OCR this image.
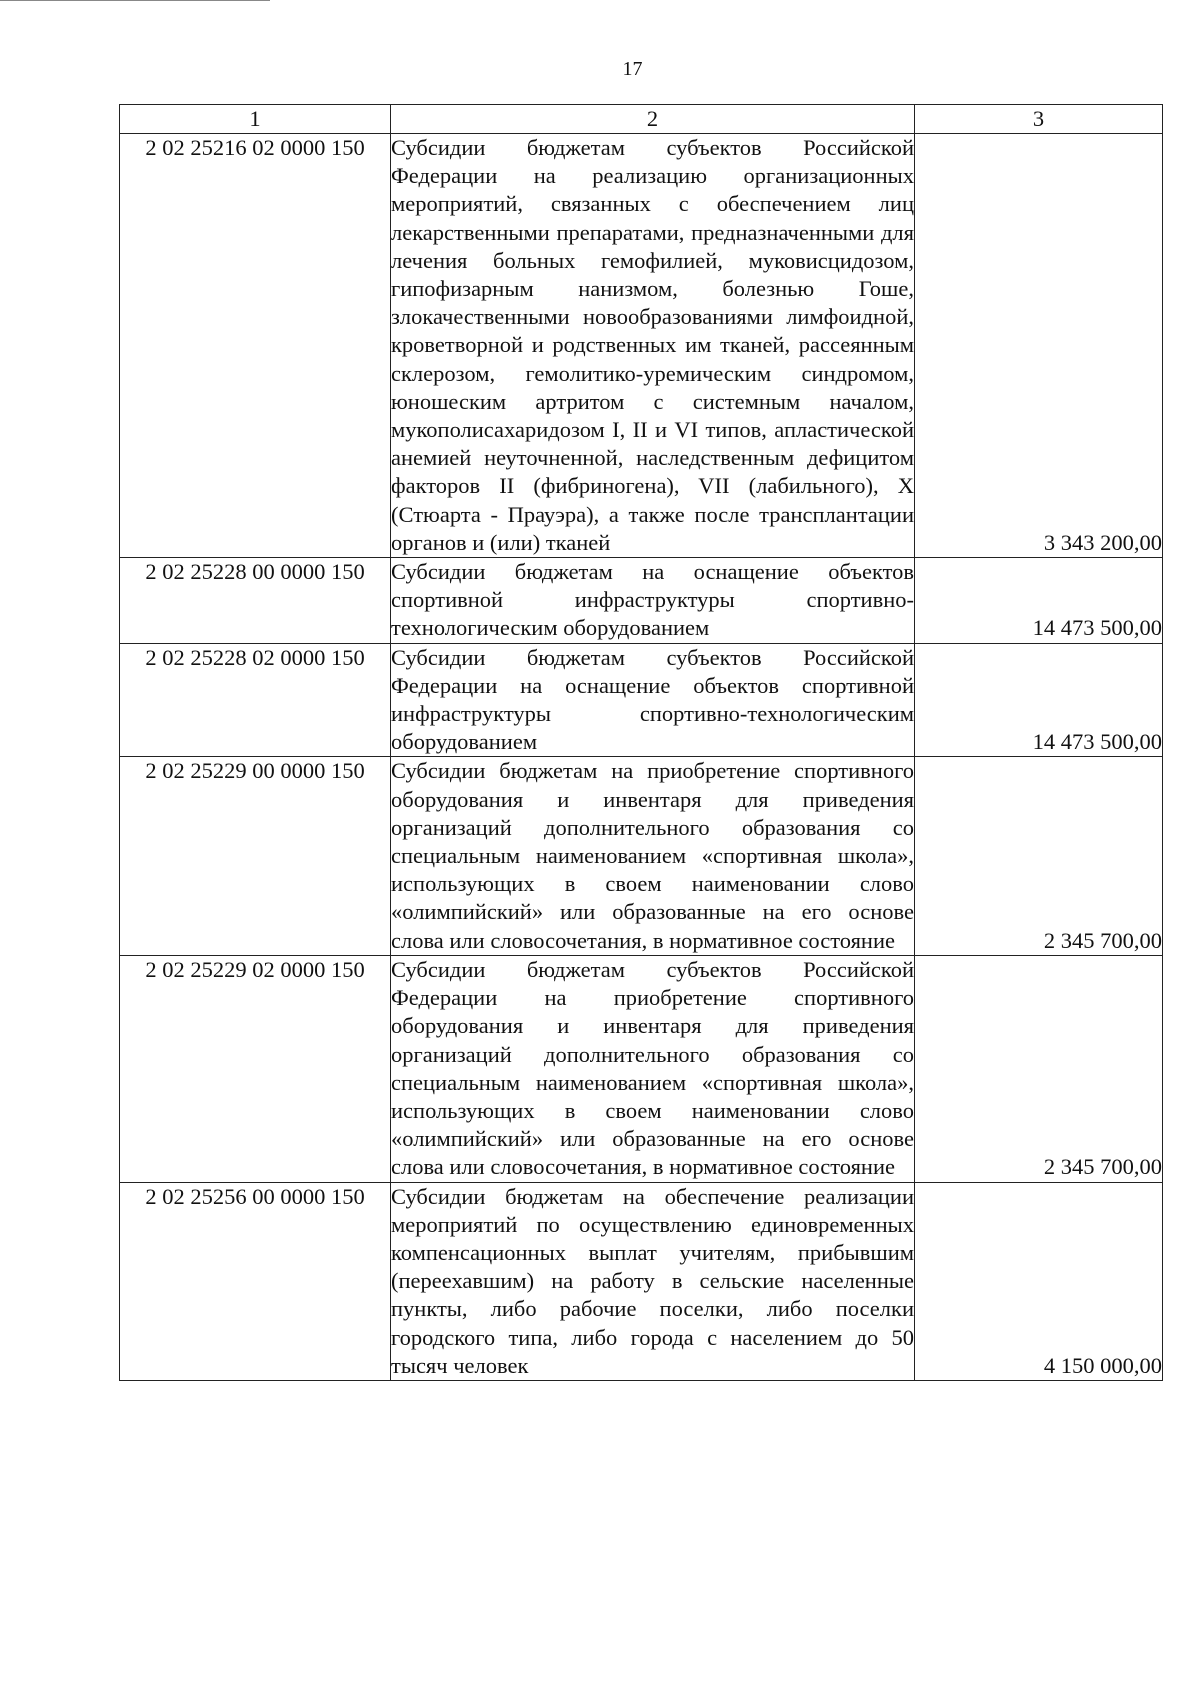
17
1	2	3
2 02 25216 02 0000 150	Субсидии бюджетам субъектов Российской Федерации на реализацию организационных мероприятий, связанных с обеспечением лиц лекарственными препаратами, предназначенными для лечения больных гемофилией, муковисцидозом, гипофизарным нанизмом, болезнью Гоше, злокачественными новообразованиями лимфоидной, кроветворной и родственных им тканей, рассеянным склерозом, гемолитико-уремическим синдромом, юношеским артритом с системным началом, мукополисахаридозом I, II и VI типов, апластической анемией неуточненной, наследственным дефицитом факторов II (фибриногена), VII (лабильного), X (Стюарта - Прауэра), а также после трансплантации органов и (или) тканей	3 343 200,00
2 02 25228 00 0000 150	Субсидии бюджетам на оснащение объектов спортивной инфраструктуры спортивно-технологическим оборудованием	14 473 500,00
2 02 25228 02 0000 150	Субсидии бюджетам субъектов Российской Федерации на оснащение объектов спортивной инфраструктуры спортивно-технологическим оборудованием	14 473 500,00
2 02 25229 00 0000 150	Субсидии бюджетам на приобретение спортивного оборудования и инвентаря для приведения организаций дополнительного образования со специальным наименованием «спортивная школа», использующих в своем наименовании слово «олимпийский» или образованные на его основе слова или словосочетания, в нормативное состояние	2 345 700,00
2 02 25229 02 0000 150	Субсидии бюджетам субъектов Российской Федерации на приобретение спортивного оборудования и инвентаря для приведения организаций дополнительного образования со специальным наименованием «спортивная школа», использующих в своем наименовании слово «олимпийский» или образованные на его основе слова или словосочетания, в нормативное состояние	2 345 700,00
2 02 25256 00 0000 150	Субсидии бюджетам на обеспечение реализации мероприятий по осуществлению единовременных компенсационных выплат учителям, прибывшим (переехавшим) на работу в сельские населенные пункты, либо рабочие поселки, либо поселки городского типа, либо города с населением до 50 тысяч человек	4 150 000,00
